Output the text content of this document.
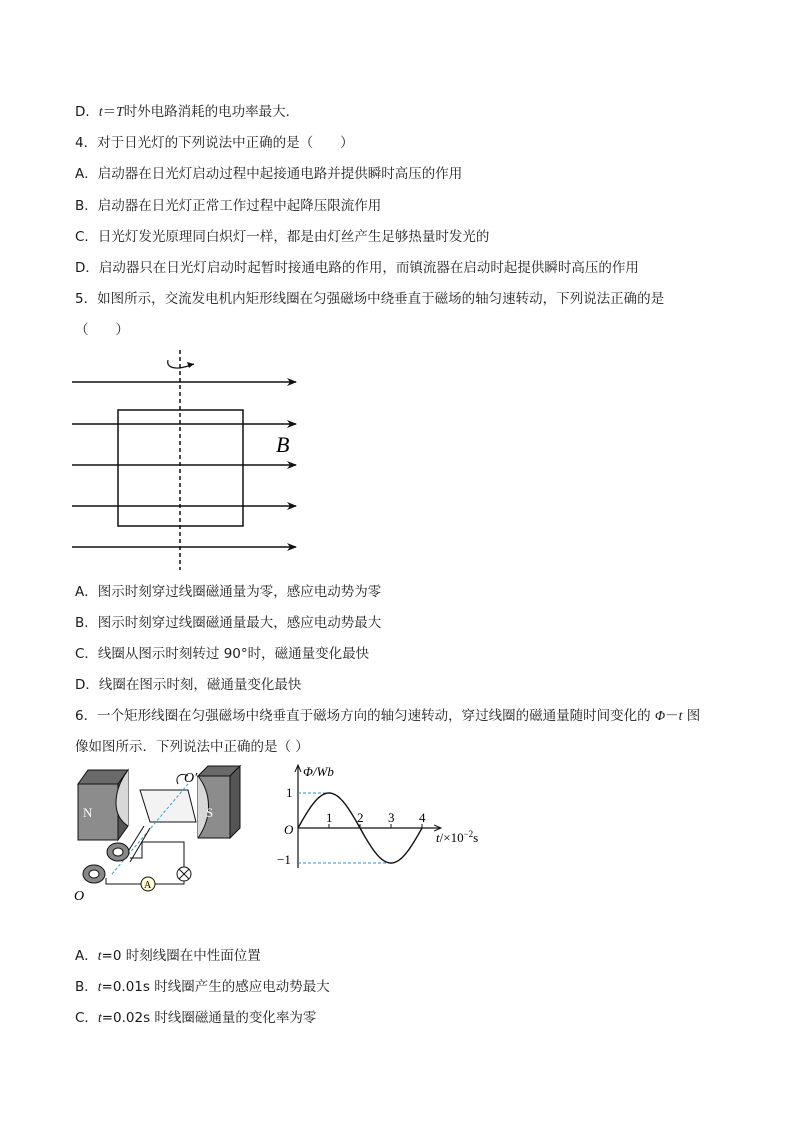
D．t＝T时外电路消耗的电功率最大．
4．对于日光灯的下列说法中正确的是（　　）
A．启动器在日光灯启动过程中起接通电路并提供瞬时高压的作用
B．启动器在日光灯正常工作过程中起降压限流作用
C．日光灯发光原理同白炽灯一样，都是由灯丝产生足够热量时发光的
D．启动器只在日光灯启动时起暂时接通电路的作用，而镇流器在启动时起提供瞬时高压的作用
5．如图所示，交流发电机内矩形线圈在匀强磁场中绕垂直于磁场的轴匀速转动，下列说法正确的是
（　　）
B
A．图示时刻穿过线圈磁通量为零，感应电动势为零
B．图示时刻穿过线圈磁通量最大，感应电动势最大
C．线圈从图示时刻转过 90°时，磁通量变化最快
D．线圈在图示时刻，磁通量变化最快
6．一个矩形线圈在匀强磁场中绕垂直于磁场方向的轴匀速转动，穿过线圈的磁通量随时间变化的 Φ－t 图
像如图所示．下列说法中正确的是（ ）
N	S
O′
O
A
Φ/Wb
$t/\times 10^{-2}s$
O
1
−1
1 2 3 4
A．t=0 时刻线圈在中性面位置
B．t=0.01s 时线圈产生的感应电动势最大
C．t=0.02s 时线圈磁通量的变化率为零
